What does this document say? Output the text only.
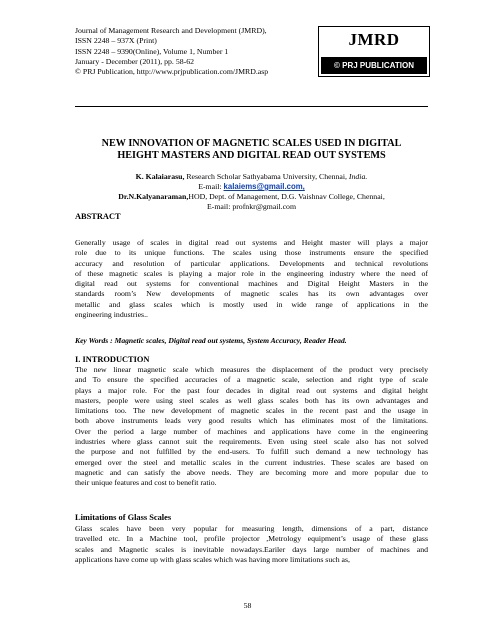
Journal of Management Research and Development (JMRD),
ISSN 2248 – 937X (Print)
ISSN 2248 – 9390(Online), Volume 1, Number 1
January - December (2011), pp. 58-62
© PRJ Publication, http://www.prjpublication.com/JMRD.asp
JMRD
© PRJ PUBLICATION
NEW INNOVATION OF MAGNETIC SCALES USED IN DIGITAL
HEIGHT MASTERS AND DIGITAL READ OUT SYSTEMS
K. Kalaiarasu, Research Scholar Sathyabama University, Chennai, India.
E-mail: kalaiems@gmail.com,
Dr.N.Kalyanaraman,HOD, Dept. of Management, D.G. Vaishnav College, Chennai,
E-mail: profnkr@gmail.com
ABSTRACT
Generally usage of scales in digital read out systems and Height master will plays a major
role due to its unique functions. The scales using those instruments ensure the specified
accuracy and resolution of particular applications. Developments and technical revolutions
of these magnetic scales is playing a major role in the engineering industry where the need of
digital read out systems for conventional machines and Digital Height Masters in the
standards room’s New developments of magnetic scales has its own advantages over
metallic and glass scales which is mostly used in wide range of applications in the
engineering industries..
Key Words : Magnetic scales, Digital read out systems, System Accuracy, Reader Head.
I. INTRODUCTION
The new linear magnetic scale which measures the displacement of the product very precisely
and To ensure the specified accuracies of a magnetic scale, selection and right type of scale
plays a major role. For the past four decades in digital read out systems and digital height
masters, people were using steel scales as well glass scales both has its own advantages and
limitations too. The new development of magnetic scales in the recent past and the usage in
both above instruments leads very good results which has eliminates most of the limitations.
Over the period a large number of machines and applications have come in the engineering
industries where glass cannot suit the requirements. Even using steel scale also has not solved
the purpose and not fulfilled by the end-users. To fulfill such demand a new technology has
emerged over the steel and metallic scales in the current industries. These scales are based on
magnetic and can satisfy the above needs. They are becoming more and more popular due to
their unique features and cost to benefit ratio.
Limitations of Glass Scales
Glass scales have been very popular for measuring length, dimensions of a part, distance
travelled etc. In a Machine tool, profile projector ,Metrology equipment’s usage of these glass
scales and Magnetic scales is inevitable nowadays.Eariler days large number of machines and
applications have come up with glass scales which was having more limitations such as,
58
